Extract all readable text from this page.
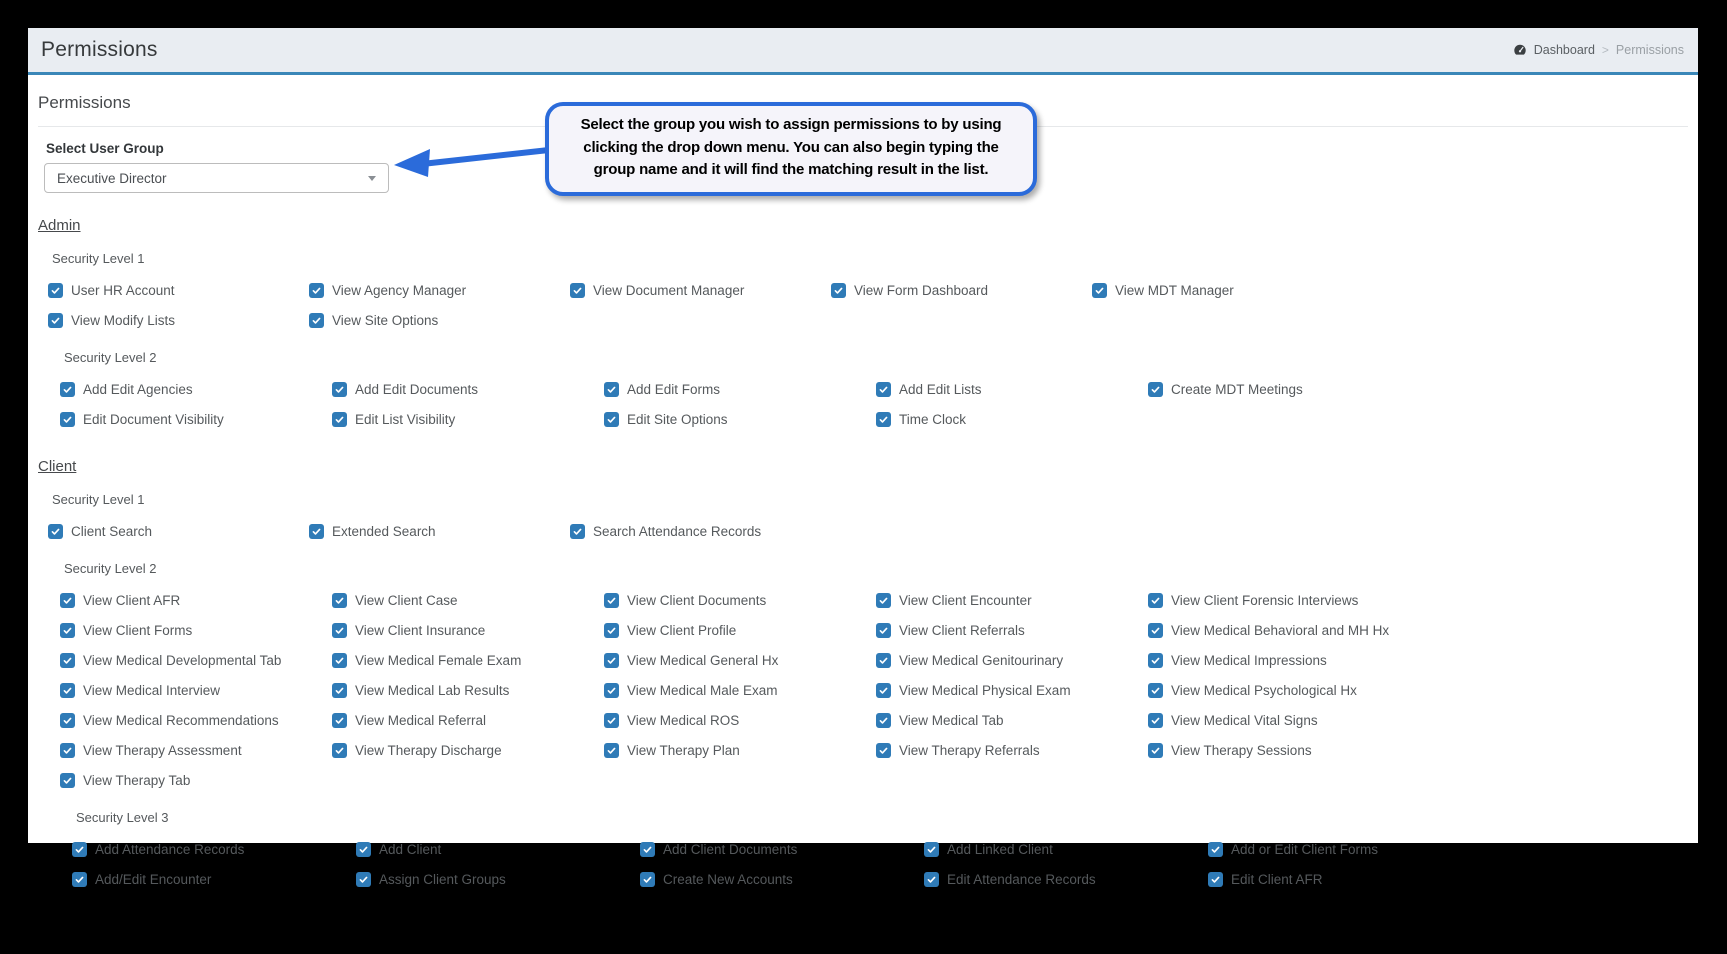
Permissions	Dashboard > Permissions
Permissions
Select User Group
Executive Director
Admin
Security Level 1
User HR Account	View Agency Manager	View Document Manager	View Form Dashboard	View MDT Manager
View Modify Lists	View Site Options
Security Level 2
Add Edit Agencies	Add Edit Documents	Add Edit Forms	Add Edit Lists	Create MDT Meetings
Edit Document Visibility	Edit List Visibility	Edit Site Options	Time Clock
Client
Security Level 1
Client Search	Extended Search	Search Attendance Records
Security Level 2
View Client AFR	View Client Case	View Client Documents	View Client Encounter	View Client Forensic Interviews
View Client Forms	View Client Insurance	View Client Profile	View Client Referrals	View Medical Behavioral and MH Hx
View Medical Developmental Tab	View Medical Female Exam	View Medical General Hx	View Medical Genitourinary	View Medical Impressions
View Medical Interview	View Medical Lab Results	View Medical Male Exam	View Medical Physical Exam	View Medical Psychological Hx
View Medical Recommendations	View Medical Referral	View Medical ROS	View Medical Tab	View Medical Vital Signs
View Therapy Assessment	View Therapy Discharge	View Therapy Plan	View Therapy Referrals	View Therapy Sessions
View Therapy Tab
Security Level 3
Add Attendance Records	Add Client	Add Client Documents	Add Linked Client	Add or Edit Client Forms
Add/Edit Encounter	Assign Client Groups	Create New Accounts	Edit Attendance Records	Edit Client AFR
Select the group you wish to assign permissions to by using clicking the drop down menu. You can also begin typing the group name and it will find the matching result in the list.
